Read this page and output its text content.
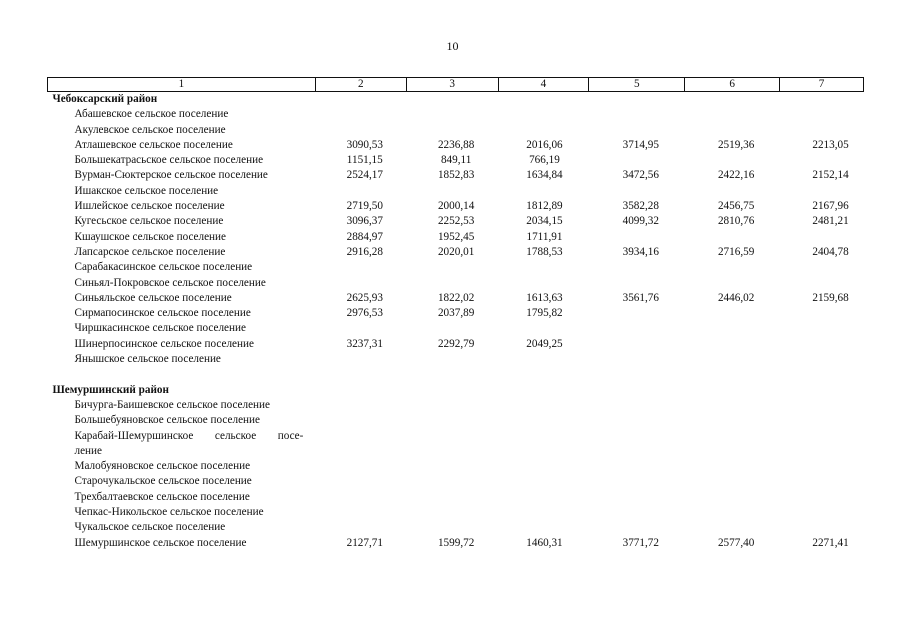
10
1	2	3	4	5	6	7
Чебоксарский район						
Абашевское сельское поселение						
Акулевское сельское поселение						
Атлашевское сельское поселение	3090,53	2236,88	2016,06	3714,95	2519,36	2213,05
Большекатрасьское сельское поселение	1151,15	849,11	766,19			
Вурман-Сюктерское сельское поселение	2524,17	1852,83	1634,84	3472,56	2422,16	2152,14
Ишакское сельское поселение						
Ишлейское сельское поселение	2719,50	2000,14	1812,89	3582,28	2456,75	2167,96
Кугесьское сельское поселение	3096,37	2252,53	2034,15	4099,32	2810,76	2481,21
Кшаушское сельское поселение	2884,97	1952,45	1711,91			
Лапсарское сельское поселение	2916,28	2020,01	1788,53	3934,16	2716,59	2404,78
Сарабакасинское сельское поселение						
Синьял-Покровское сельское поселение						
Синьяльское сельское поселение	2625,93	1822,02	1613,63	3561,76	2446,02	2159,68
Сирмапосинское сельское поселение	2976,53	2037,89	1795,82			
Чиршкасинское сельское поселение						
Шинерпосинское сельское поселение	3237,31	2292,79	2049,25			
Янышское сельское поселение						

Шемуршинский район						
Бичурга-Баишевское сельское поселение						
Большебуяновское сельское поселение						
Карабай-Шемуршинское сельское посе-						
ление						
Малобуяновское сельское поселение						
Старочукальское сельское поселение						
Трехбалтаевское сельское поселение						
Чепкас-Никольское сельское поселение						
Чукальское сельское поселение						
Шемуршинское сельское поселение	2127,71	1599,72	1460,31	3771,72	2577,40	2271,41
